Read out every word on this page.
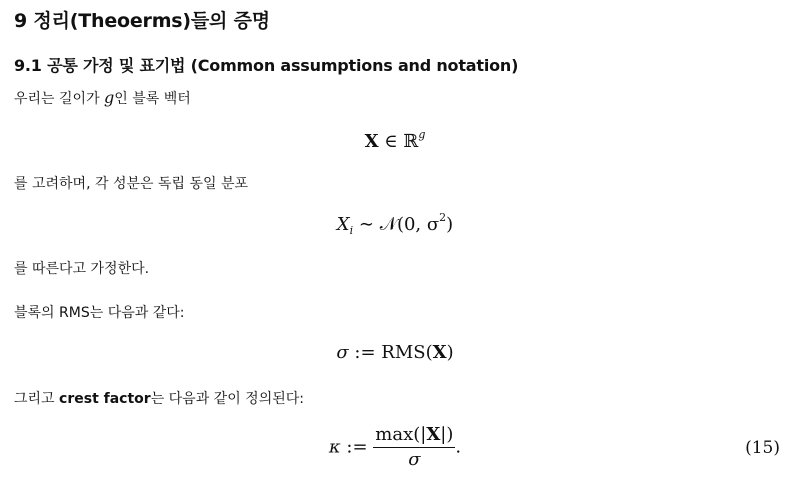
9 정리(Theoerms)들의 증명
9.1 공통 가정 및 표기법 (Common assumptions and notation)
우리는 길이가 g인 블록 벡터
X ∈ ℝ$^g$
를 고려하며, 각 성분은 독립 동일 분포
$X_i$ ∼ 𝒩(0, $\sigma^2$)
를 따른다고 가정한다.
블록의 RMS는 다음과 같다:
σ := RMS(X)
그리고 crest factor는 다음과 같이 정의된다:
κ := $\frac{\max(|X|)}{\sigma}$ .	(15)
